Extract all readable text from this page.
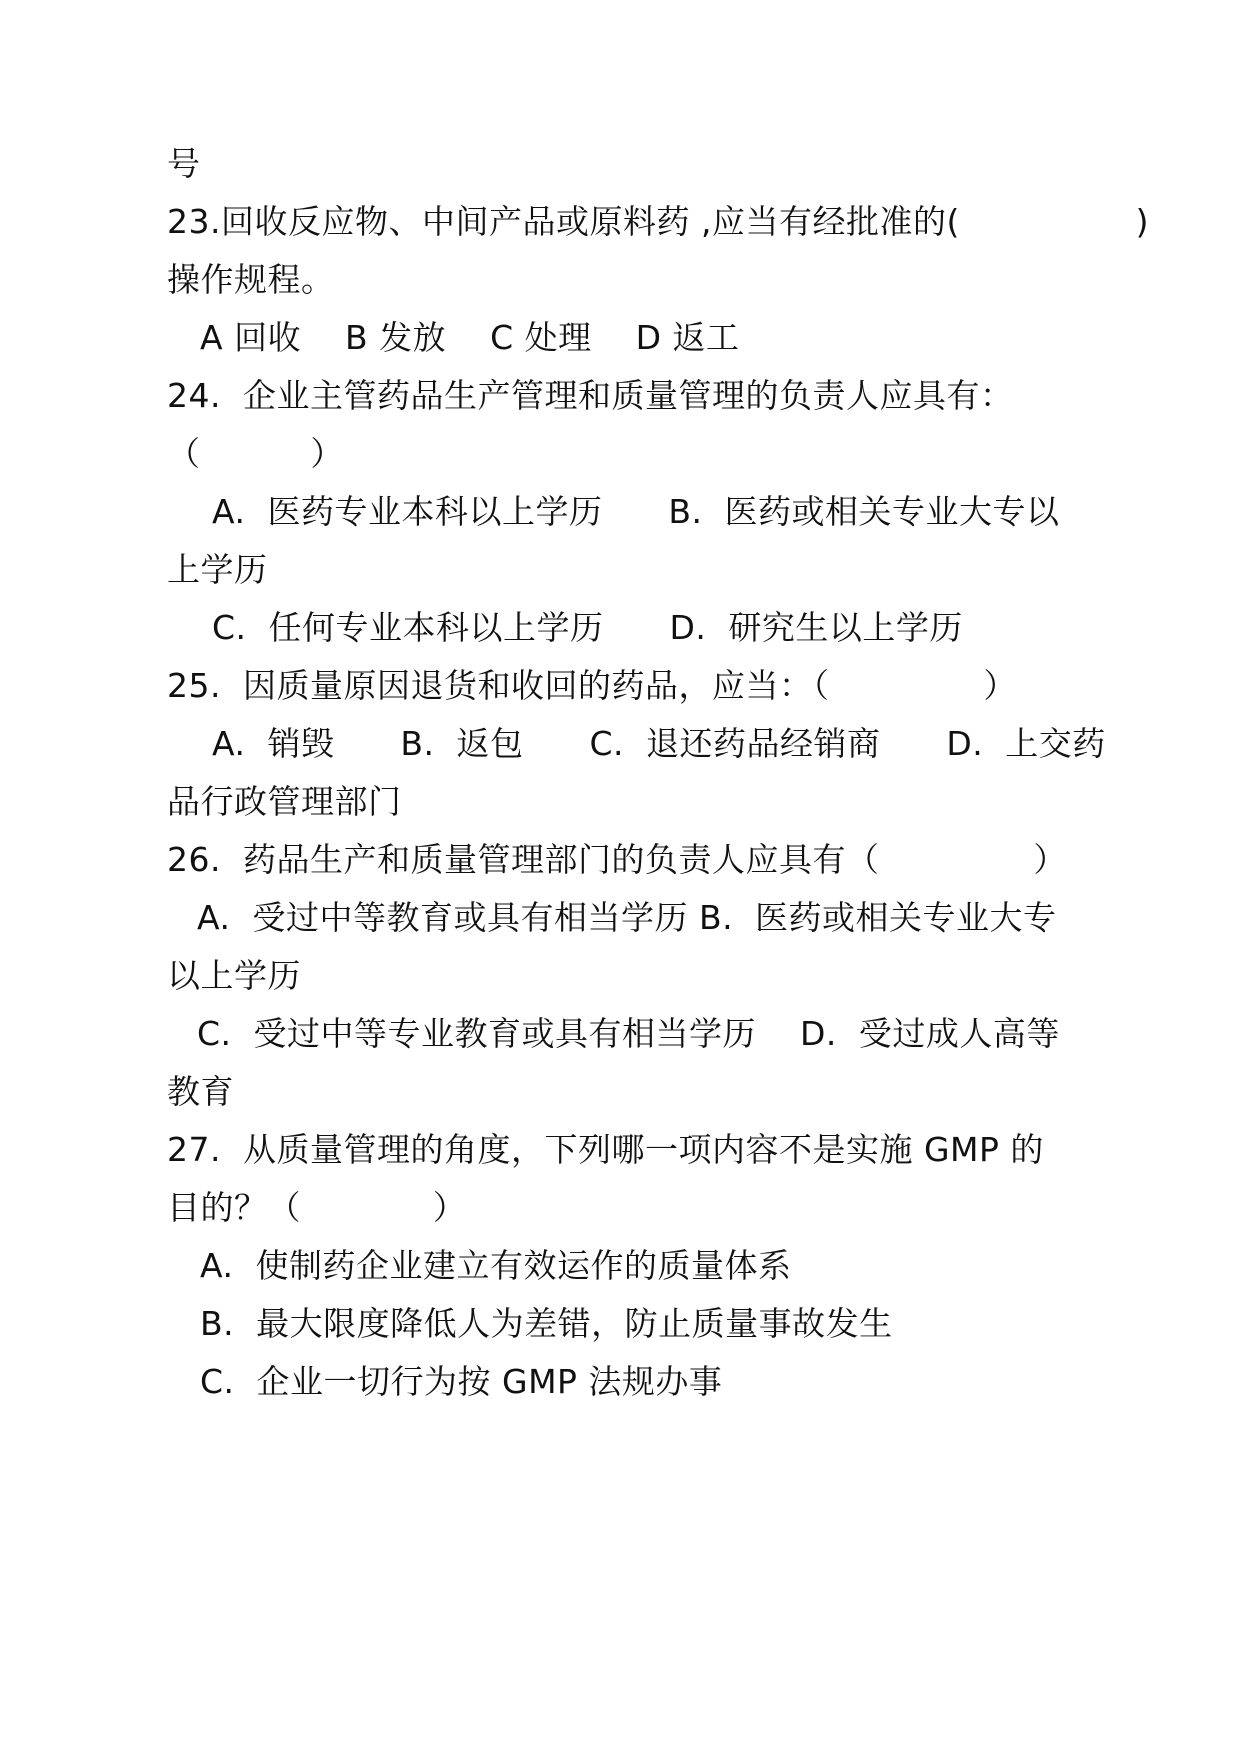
号
23.回收反应物、中间产品或原料药 ,应当有经批准的(                )
操作规程。
A 回收    B 发放    C 处理    D 返工
24.  企业主管药品生产管理和质量管理的负责人应具有：
（          ）
A.  医药专业本科以上学历      B.  医药或相关专业大专以
上学历
C.  任何专业本科以上学历      D.  研究生以上学历
25.  因质量原因退货和收回的药品，应当：（              ）
A.  销毁      B.  返包      C.  退还药品经销商      D.  上交药
品行政管理部门
26.  药品生产和质量管理部门的负责人应具有（              ）
A.  受过中等教育或具有相当学历 B.  医药或相关专业大专
以上学历
C.  受过中等专业教育或具有相当学历    D.  受过成人高等
教育
27.  从质量管理的角度，下列哪一项内容不是实施 GMP 的
目的？（            ）
A.  使制药企业建立有效运作的质量体系
B.  最大限度降低人为差错，防止质量事故发生
C.  企业一切行为按 GMP 法规办事
